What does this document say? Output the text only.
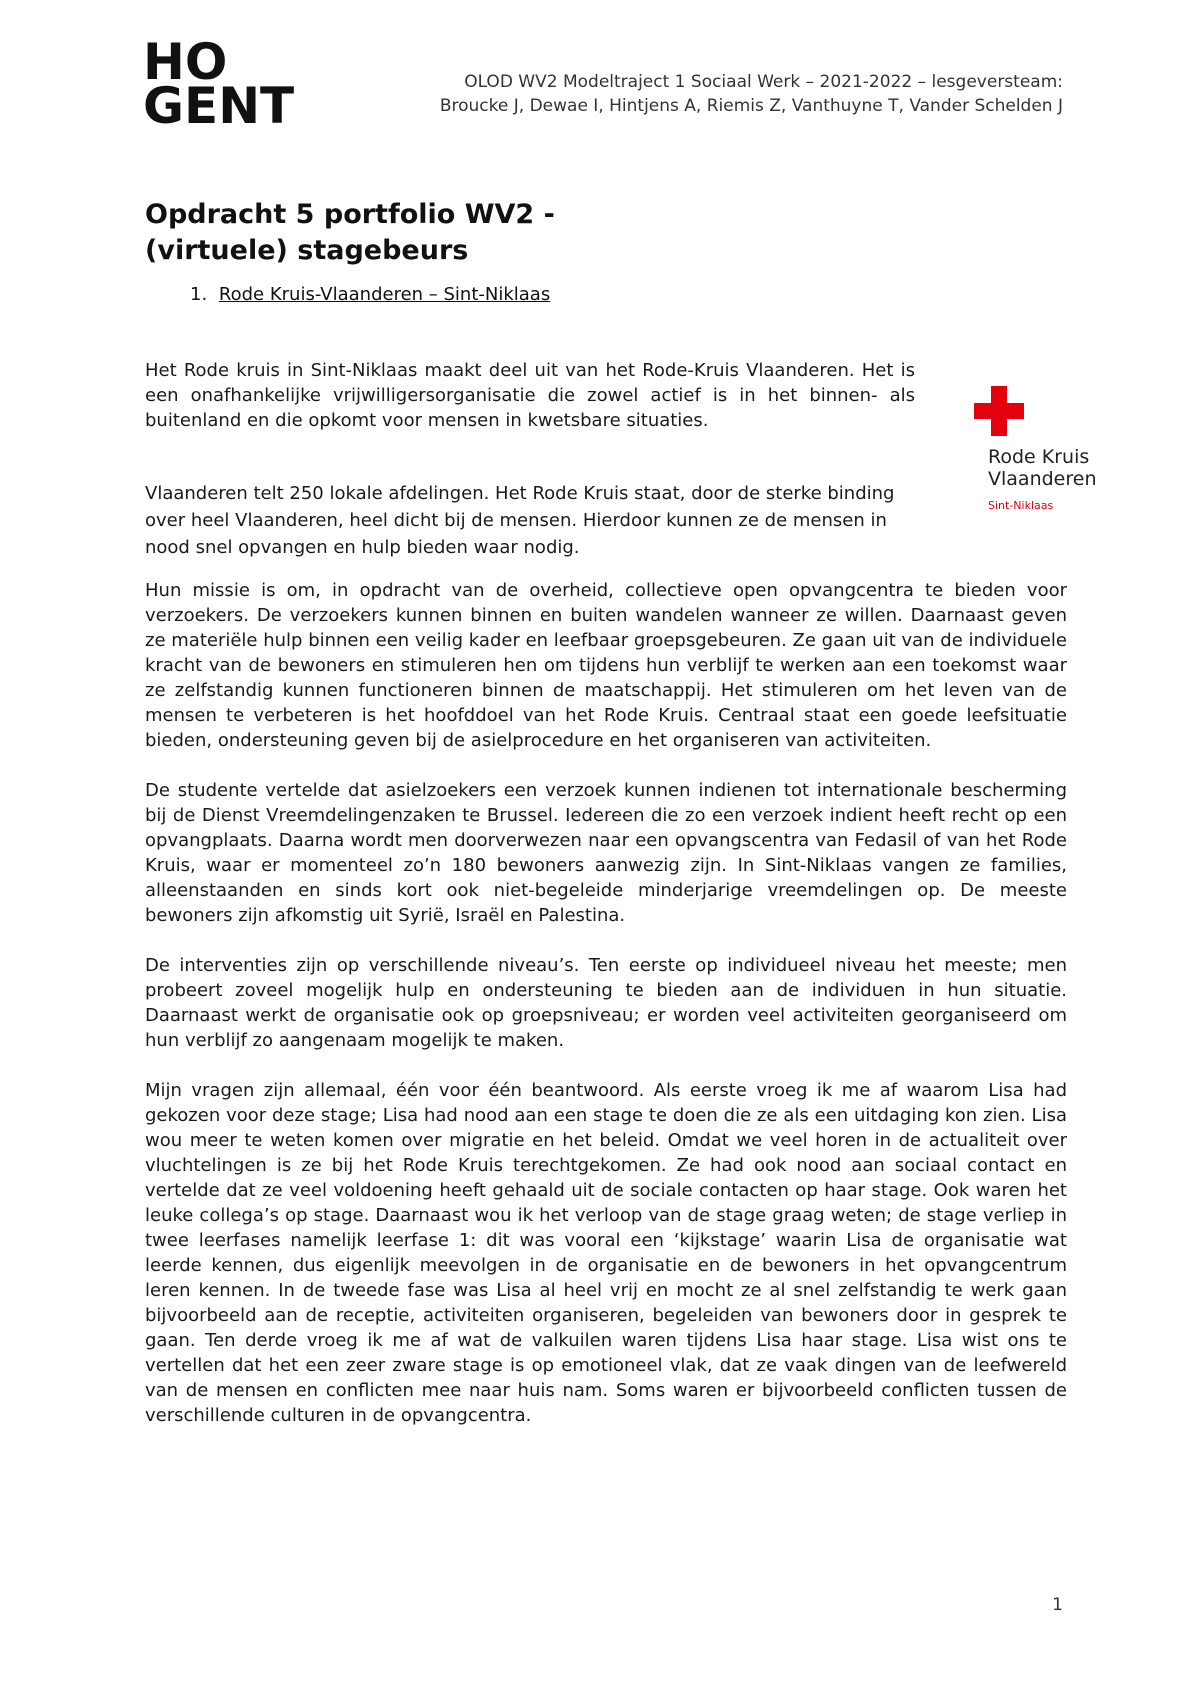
HO
GENT	OLOD WV2 Modeltraject 1 Sociaal Werk – 2021-2022 – lesgeversteam:
Broucke J, Dewae I, Hintjens A, Riemis Z, Vanthuyne T, Vander Schelden J
Opdracht 5 portfolio WV2 -
(virtuele) stagebeurs
1. Rode Kruis-Vlaanderen – Sint-Niklaas

Het Rode kruis in Sint-Niklaas maakt deel uit van het Rode-Kruis Vlaanderen. Het is een onafhankelijke vrijwilligersorganisatie die zowel actief is in het binnen- als buitenland en die opkomt voor mensen in kwetsbare situaties.

Vlaanderen telt 250 lokale afdelingen. Het Rode Kruis staat, door de sterke binding over heel Vlaanderen, heel dicht bij de mensen. Hierdoor kunnen ze de mensen in nood snel opvangen en hulp bieden waar nodig.

Rode Kruis
Vlaanderen
Sint-Niklaas

Hun missie is om, in opdracht van de overheid, collectieve open opvangcentra te bieden voor verzoekers. De verzoekers kunnen binnen en buiten wandelen wanneer ze willen. Daarnaast geven ze materiële hulp binnen een veilig kader en leefbaar groepsgebeuren. Ze gaan uit van de individuele kracht van de bewoners en stimuleren hen om tijdens hun verblijf te werken aan een toekomst waar ze zelfstandig kunnen functioneren binnen de maatschappij. Het stimuleren om het leven van de mensen te verbeteren is het hoofddoel van het Rode Kruis. Centraal staat een goede leefsituatie bieden, ondersteuning geven bij de asielprocedure en het organiseren van activiteiten.

De studente vertelde dat asielzoekers een verzoek kunnen indienen tot internationale bescherming bij de Dienst Vreemdelingenzaken te Brussel. Iedereen die zo een verzoek indient heeft recht op een opvangplaats. Daarna wordt men doorverwezen naar een opvangscentra van Fedasil of van het Rode Kruis, waar er momenteel zo’n 180 bewoners aanwezig zijn. In Sint-Niklaas vangen ze families, alleenstaanden en sinds kort ook niet-begeleide minderjarige vreemdelingen op. De meeste bewoners zijn afkomstig uit Syrië, Israël en Palestina.

De interventies zijn op verschillende niveau’s. Ten eerste op individueel niveau het meeste; men probeert zoveel mogelijk hulp en ondersteuning te bieden aan de individuen in hun situatie. Daarnaast werkt de organisatie ook op groepsniveau; er worden veel activiteiten georganiseerd om hun verblijf zo aangenaam mogelijk te maken.

Mijn vragen zijn allemaal, één voor één beantwoord. Als eerste vroeg ik me af waarom Lisa had gekozen voor deze stage; Lisa had nood aan een stage te doen die ze als een uitdaging kon zien. Lisa wou meer te weten komen over migratie en het beleid. Omdat we veel horen in de actualiteit over vluchtelingen is ze bij het Rode Kruis terechtgekomen. Ze had ook nood aan sociaal contact en vertelde dat ze veel voldoening heeft gehaald uit de sociale contacten op haar stage. Ook waren het leuke collega’s op stage. Daarnaast wou ik het verloop van de stage graag weten; de stage verliep in twee leerfases namelijk leerfase 1: dit was vooral een ‘kijkstage’ waarin Lisa de organisatie wat leerde kennen, dus eigenlijk meevolgen in de organisatie en de bewoners in het opvangcentrum leren kennen. In de tweede fase was Lisa al heel vrij en mocht ze al snel zelfstandig te werk gaan bijvoorbeeld aan de receptie, activiteiten organiseren, begeleiden van bewoners door in gesprek te gaan. Ten derde vroeg ik me af wat de valkuilen waren tijdens Lisa haar stage. Lisa wist ons te vertellen dat het een zeer zware stage is op emotioneel vlak, dat ze vaak dingen van de leefwereld van de mensen en conflicten mee naar huis nam. Soms waren er bijvoorbeeld conflicten tussen de verschillende culturen in de opvangcentra.

1
